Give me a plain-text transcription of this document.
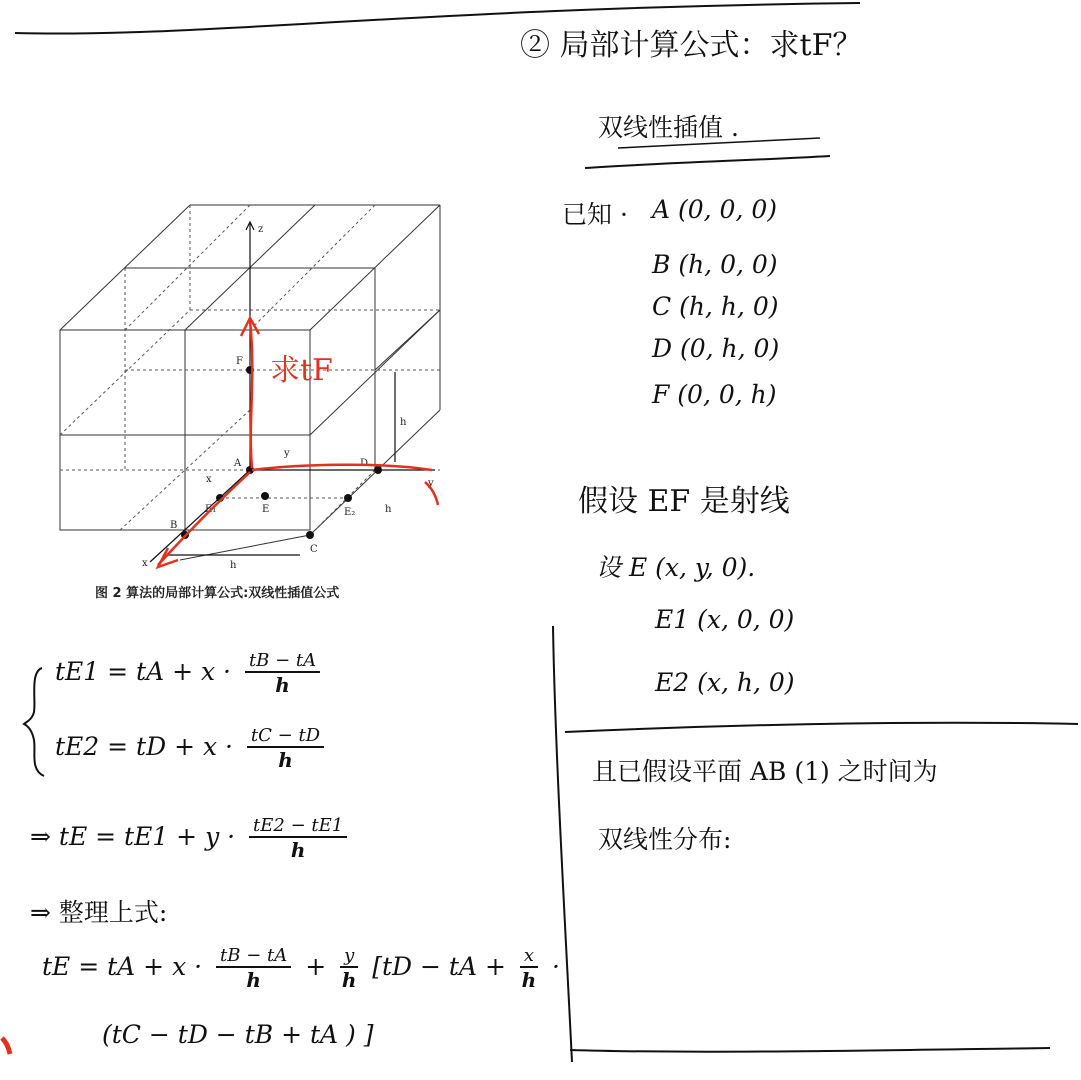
z
F
A
E₁	E	E₂
D
B
C
x
y
h
h
h
y
x
求tF
图 2 算法的局部计算公式:双线性插值公式
② 局部计算公式：求tF？
双线性插值 .
已知 · A (0, 0, 0)
B (h, 0, 0)
C (h, h, 0)
D (0, h, 0)
F (0, 0, h)
假设 EF 是射线
设 E (x, y, 0).
E1 (x, 0, 0)
E2 (x, h, 0)
且已假设平面 AB (1) 之时间为
双线性分布:
tE1 = tA + $x \cdot \frac{tB - tA}{h}$
tE2 = tD + $x \cdot \frac{tC - tD}{h}$
⇒ tE = $tE1 + y \cdot \frac{tE2 - tE1}{h}$
⇒ 整理上式:
tE = tA + $x \cdot \frac{tB - tA}{h} + \frac{y}{h} [tD$ − tA + $\frac{x}{h}$ ·
(tC − tD − tB + tA ) ]
